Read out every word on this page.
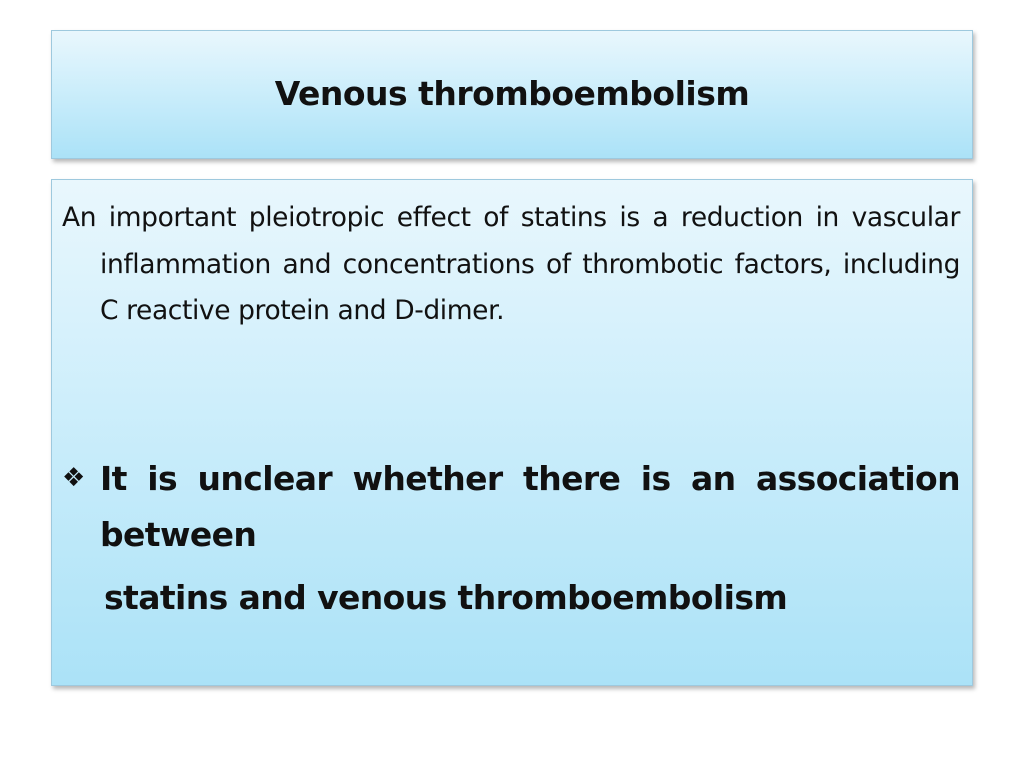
Venous thromboembolism

An important pleiotropic effect of statins is a reduction in vascular inflammation and concentrations of thrombotic factors, including C reactive protein and D-dimer.

❖ It is unclear whether there is an association between

statins and venous thromboembolism
